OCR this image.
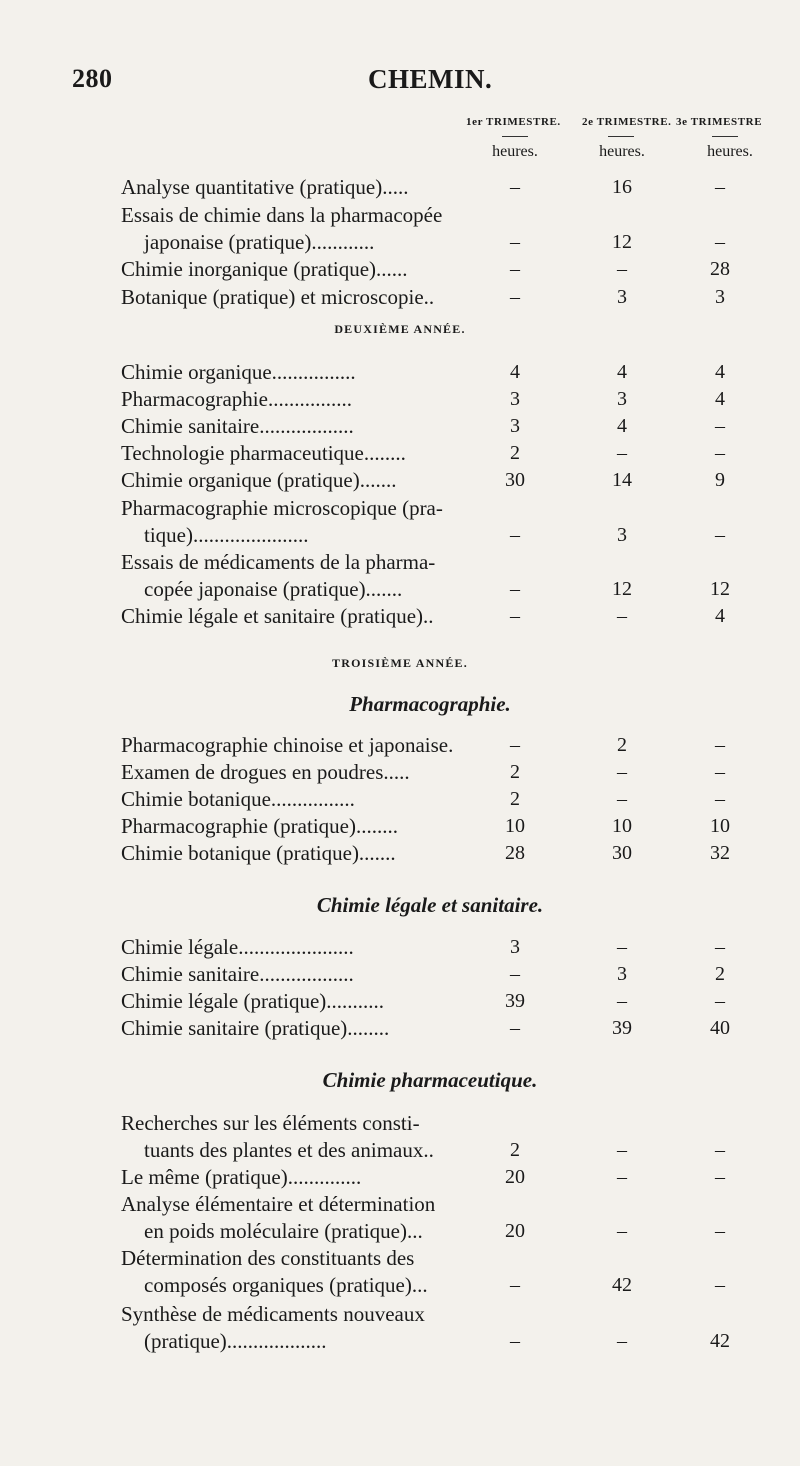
280	CHEMIN.
1er TRIMESTRE. 2e TRIMESTRE. 3e TRIMESTRE
heures.	heures.	heures.
Analyse quantitative (pratique).....	–	16	–
Essais de chimie dans la pharmacopée
japonaise (pratique)............	–	12	–
Chimie inorganique (pratique)......	–	–	28
Botanique (pratique) et microscopie..	–	3	3
DEUXIÈME ANNÉE.
Chimie organique................	4	4	4
Pharmacographie................	3	3	4
Chimie sanitaire..................	3	4	–
Technologie pharmaceutique........	2	–	–
Chimie organique (pratique).......	30	14	9
Pharmacographie microscopique (pra-
tique)......................	–	3	–
Essais de médicaments de la pharma-
copée japonaise (pratique).......	–	12	12
Chimie légale et sanitaire (pratique)..	–	–	4
TROISIÈME ANNÉE.
Pharmacographie.
Pharmacographie chinoise et japonaise.	–	2	–
Examen de drogues en poudres.....	2	–	–
Chimie botanique................	2	–	–
Pharmacographie (pratique)........	10	10	10
Chimie botanique (pratique).......	28	30	32
Chimie légale et sanitaire.
Chimie légale......................	3	–	–
Chimie sanitaire..................	–	3	2
Chimie légale (pratique)...........	39	–	–
Chimie sanitaire (pratique)........	–	39	40
Chimie pharmaceutique.
Recherches sur les éléments consti-
tuants des plantes et des animaux..	2	–	–
Le même (pratique)..............	20	–	–
Analyse élémentaire et détermination
en poids moléculaire (pratique)...	20	–	–
Détermination des constituants des
composés organiques (pratique)...	–	42	–
Synthèse de médicaments nouveaux
(pratique)...................	–	–	42
